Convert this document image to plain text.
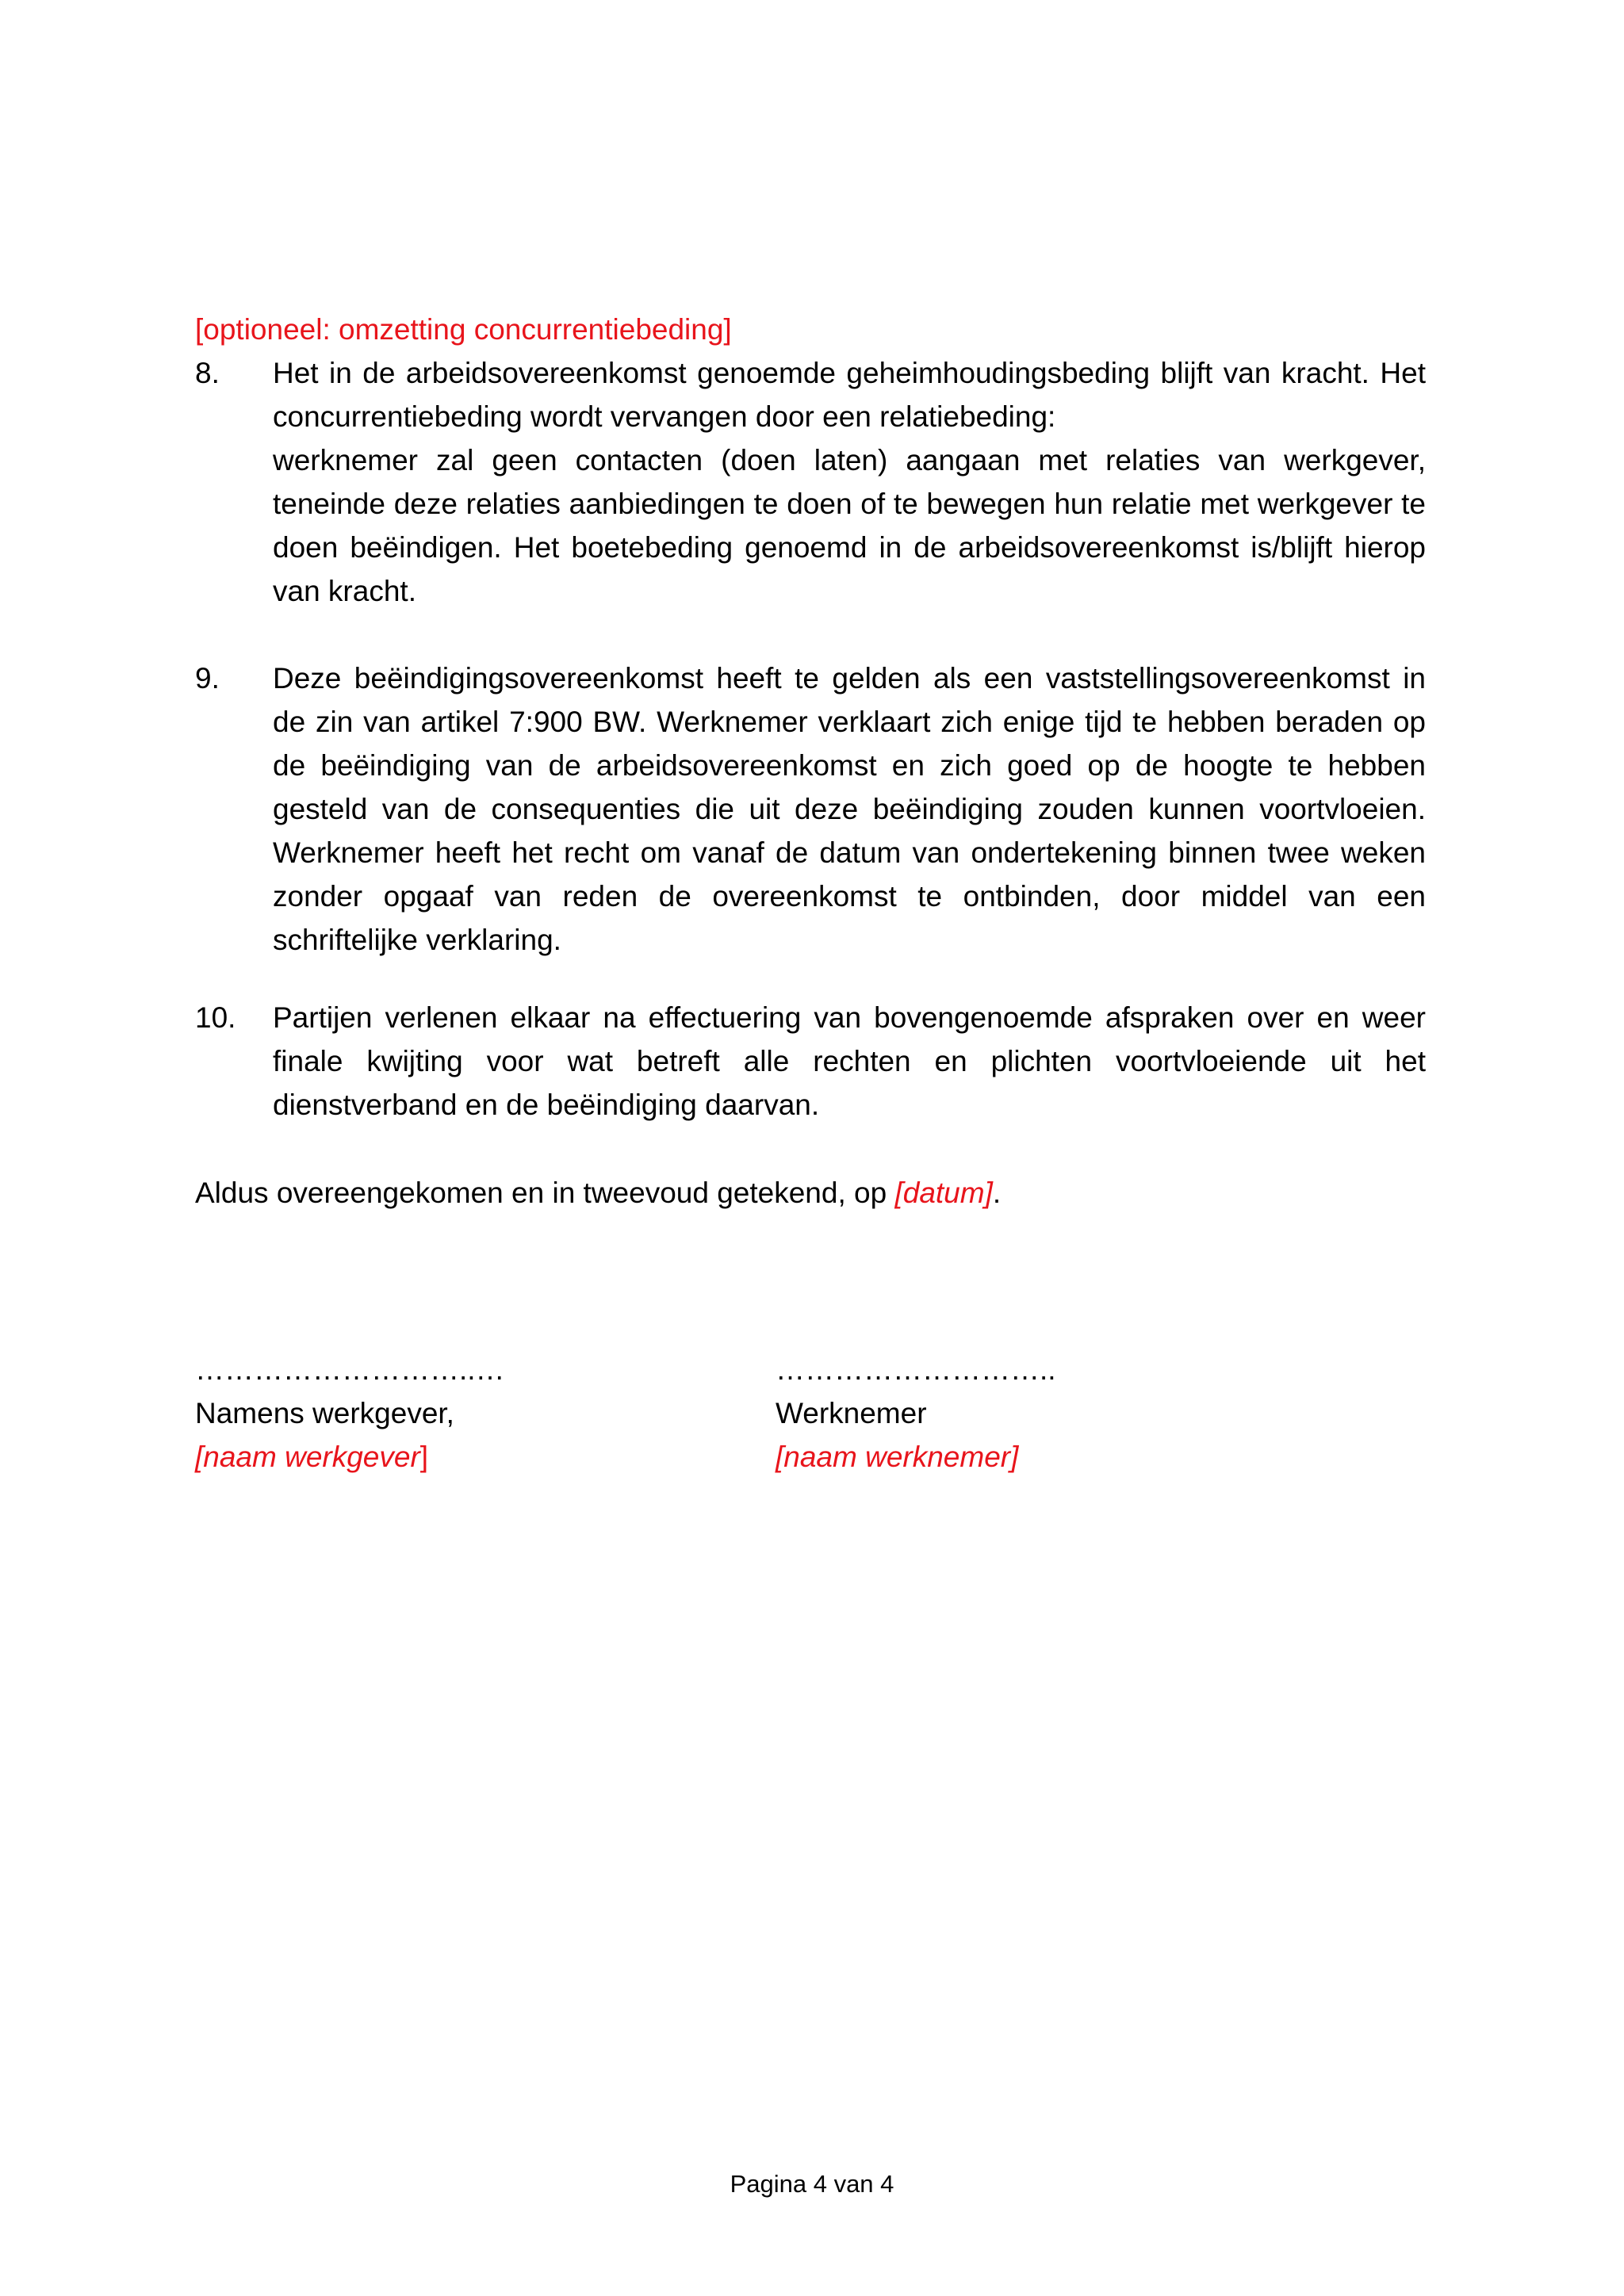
[optioneel: omzetting concurrentiebeding]

8.	Het in de arbeidsovereenkomst genoemde geheimhoudingsbeding blijft van kracht. Het concurrentiebeding wordt vervangen door een relatiebeding:

werknemer zal geen contacten (doen laten) aangaan met relaties van werkgever, teneinde deze relaties aanbiedingen te doen of te bewegen hun relatie met werkgever te doen beëindigen. Het boetebeding genoemd in de arbeidsovereenkomst is/blijft hierop van kracht.

9.	Deze beëindigingsovereenkomst heeft te gelden als een vaststellingsovereenkomst in de zin van artikel 7:900 BW. Werknemer verklaart zich enige tijd te hebben beraden op de beëindiging van de arbeidsovereenkomst en zich goed op de hoogte te hebben gesteld van de consequenties die uit deze beëindiging zouden kunnen voortvloeien. Werknemer heeft het recht om vanaf de datum van ondertekening binnen twee weken zonder opgaaf van reden de overeenkomst te ontbinden, door middel van een schriftelijke verklaring.

10.	Partijen verlenen elkaar na effectuering van bovengenoemde afspraken over en weer finale kwijting voor wat betreft alle rechten en plichten voortvloeiende uit het dienstverband en de beëindiging daarvan.

Aldus overeengekomen en in tweevoud getekend, op [datum].

………………………..…

Namens werkgever,

[naam werkgever]

………………………..

Werknemer

[naam werknemer]

Pagina 4 van 4
